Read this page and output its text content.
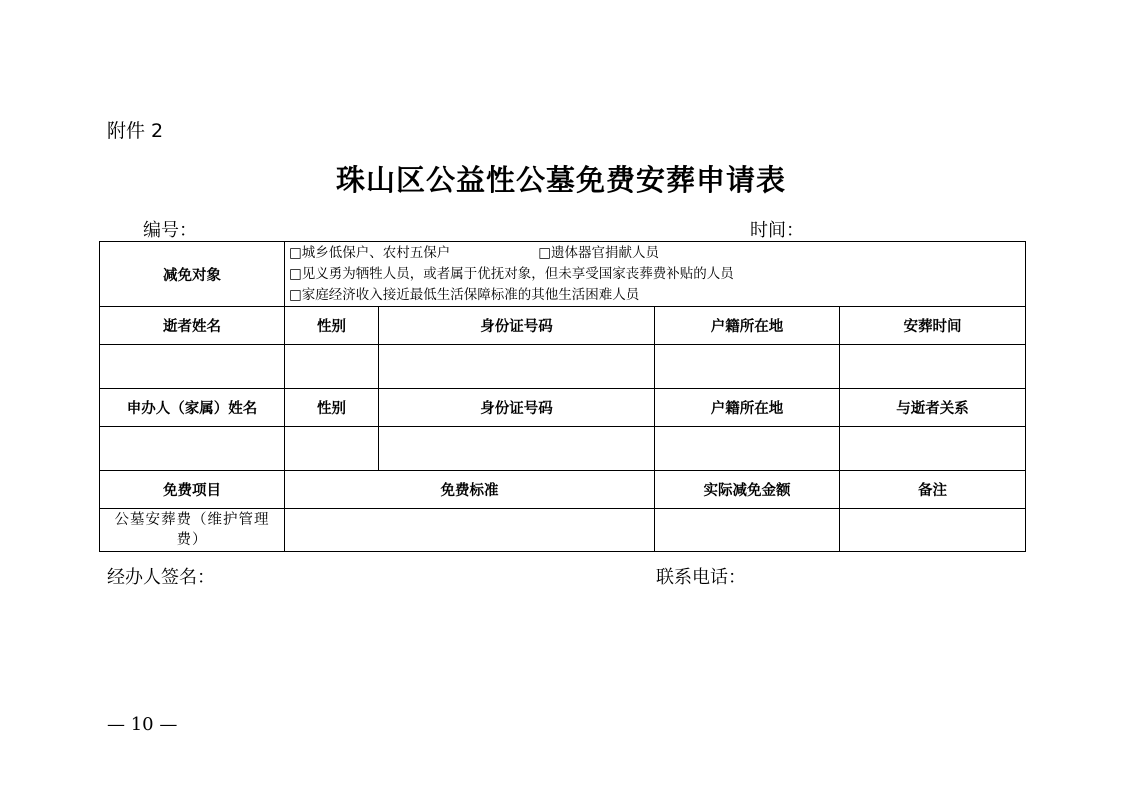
附件 2
珠山区公益性公墓免费安葬申请表
编号：	时间：
减免对象	□城乡低保户、农村五保户 □遗体器官捐献人员
□见义勇为牺牲人员，或者属于优抚对象，但未享受国家丧葬费补贴的人员
□家庭经济收入接近最低生活保障标准的其他生活困难人员			

逝者姓名	性别	身份证号码	户籍所在地	安葬时间

申办人（家属）姓名	性别	身份证号码	户籍所在地	与逝者关系

免费项目	免费标准		实际减免金额	备注
公墓安葬费（维护管理费）				
经办人签名：	联系电话：
— 10 —
